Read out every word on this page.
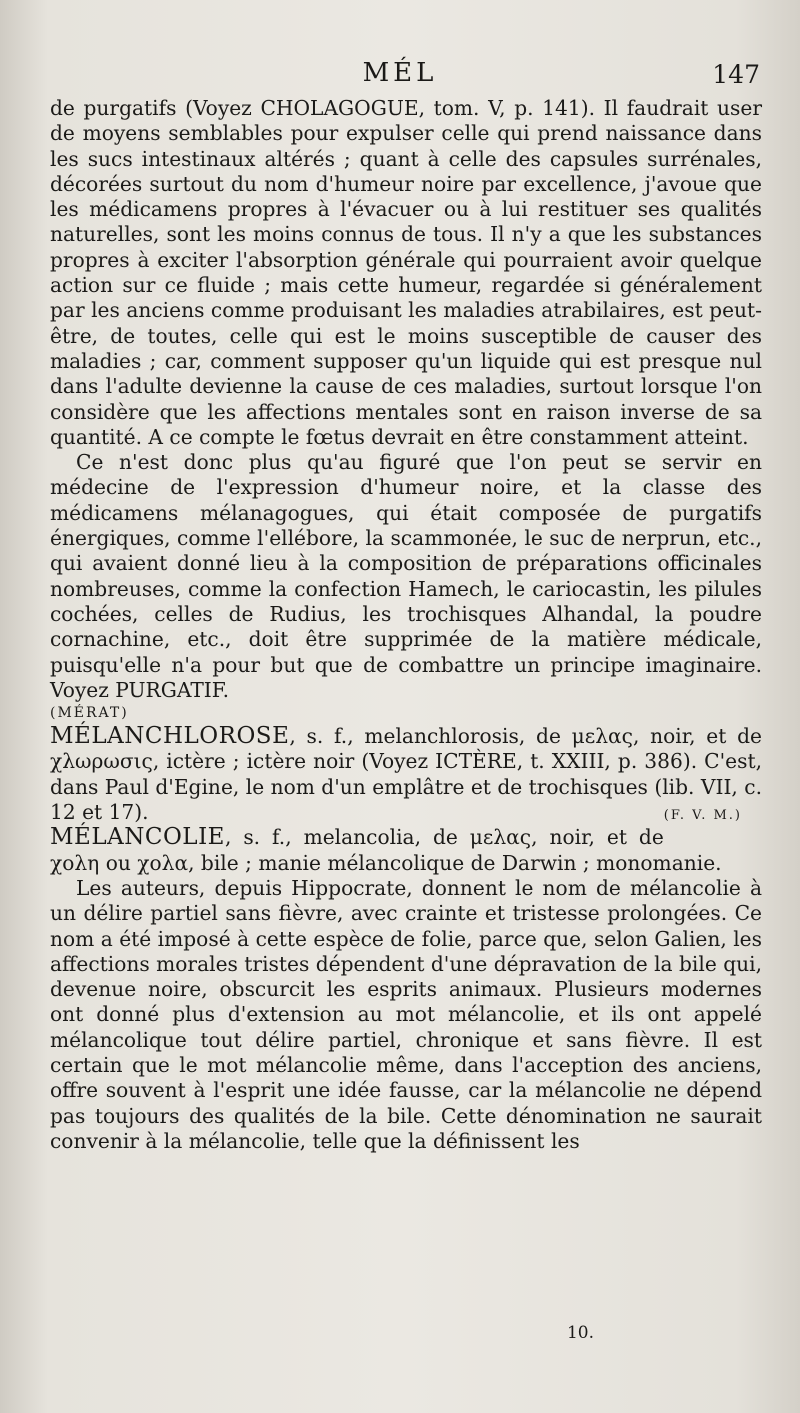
MÉL	147

de purgatifs (Voyez CHOLAGOGUE, tom. V, p. 141). Il faudrait user de moyens semblables pour expulser celle qui prend naissance dans les sucs intestinaux altérés ; quant à celle des capsules surrénales, décorées surtout du nom d'humeur noire par excellence, j'avoue que les médicamens propres à l'évacuer ou à lui restituer ses qualités naturelles, sont les moins connus de tous. Il n'y a que les substances propres à exciter l'absorption générale qui pourraient avoir quelque action sur ce fluide ; mais cette humeur, regardée si généralement par les anciens comme produisant les maladies atrabilaires, est peut-être, de toutes, celle qui est le moins susceptible de causer des maladies ; car, comment supposer qu'un liquide qui est presque nul dans l'adulte devienne la cause de ces maladies, surtout lorsque l'on considère que les affections mentales sont en raison inverse de sa quantité. A ce compte le fœtus devrait en être constamment atteint.

Ce n'est donc plus qu'au figuré que l'on peut se servir en médecine de l'expression d'humeur noire, et la classe des médicamens mélanagogues, qui était composée de purgatifs énergiques, comme l'ellébore, la scammonée, le suc de nerprun, etc., qui avaient donné lieu à la composition de préparations officinales nombreuses, comme la confection Hamech, le cariocastin, les pilules cochées, celles de Rudius, les trochisques Alhandal, la poudre cornachine, etc., doit être supprimée de la matière médicale, puisqu'elle n'a pour but que de combattre un principe imaginaire. Voyez PURGATIF.

(MÉRAT)

MÉLANCHLOROSE, s. f., melanchlorosis, de μελας, noir, et de χλωρωσις, ictère ; ictère noir (Voyez ICTÈRE, t. XXIII, p. 386). C'est, dans Paul d'Egine, le nom d'un emplâtre et de trochisques (lib. VII, c. 12 et 17).	(F. V. M.)

MÉLANCOLIE, s. f., melancolia, de μελας, noir, et de χολη ou χολα, bile ; manie mélancolique de Darwin ; monomanie.

Les auteurs, depuis Hippocrate, donnent le nom de mélancolie à un délire partiel sans fièvre, avec crainte et tristesse prolongées. Ce nom a été imposé à cette espèce de folie, parce que, selon Galien, les affections morales tristes dépendent d'une dépravation de la bile qui, devenue noire, obscurcit les esprits animaux. Plusieurs modernes ont donné plus d'extension au mot mélancolie, et ils ont appelé mélancolique tout délire partiel, chronique et sans fièvre. Il est certain que le mot mélancolie même, dans l'acception des anciens, offre souvent à l'esprit une idée fausse, car la mélancolie ne dépend pas toujours des qualités de la bile. Cette dénomination ne saurait convenir à la mélancolie, telle que la définissent les

10.
